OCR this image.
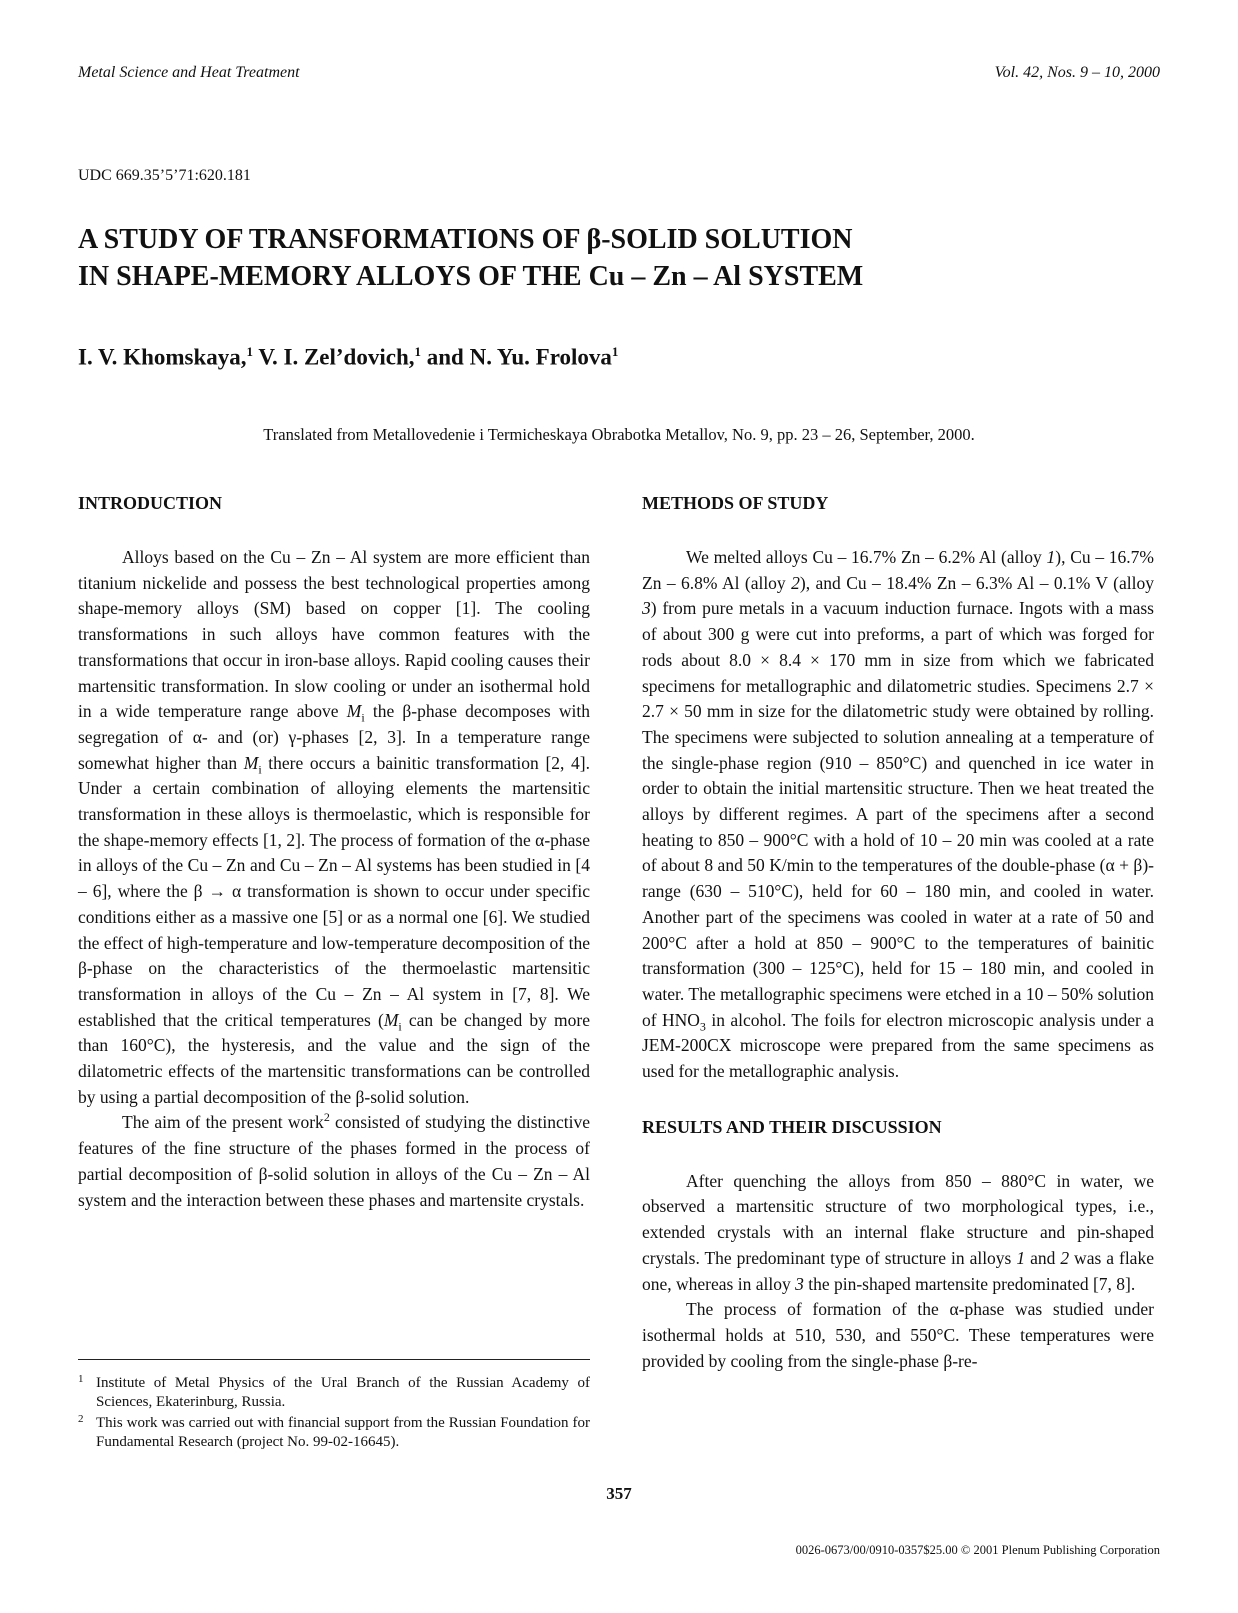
Metal Science and Heat Treatment	Vol. 42, Nos. 9 – 10, 2000
UDC 669.35’5’71:620.181
A STUDY OF TRANSFORMATIONS OF β-SOLID SOLUTION
IN SHAPE-MEMORY ALLOYS OF THE Cu – Zn – Al SYSTEM
I. V. Khomskaya,$^1$ V. I. Zel’dovich,$^1$ and N. Yu. Frolova$^1$
Translated from Metallovedenie i Termicheskaya Obrabotka Metallov, No. 9, pp. 23 – 26, September, 2000.
INTRODUCTION

Alloys based on the Cu – Zn – Al system are more efficient than titanium nickelide and possess the best technological properties among shape-memory alloys (SM) based on copper [1]. The cooling transformations in such alloys have common features with the transformations that occur in iron-base alloys. Rapid cooling causes their martensitic transformation. In slow cooling or under an isothermal hold in a wide temperature range above $M_i$ the β-phase decomposes with segregation of α- and (or) γ-phases [2, 3]. In a temperature range somewhat higher than $M_i$ there occurs a bainitic transformation [2, 4]. Under a certain combination of alloying elements the martensitic transformation in these alloys is thermoelastic, which is responsible for the shape-memory effects [1, 2]. The process of formation of the α-phase in alloys of the Cu – Zn and Cu – Zn – Al systems has been studied in [4 – 6], where the β → α transformation is shown to occur under specific conditions either as a massive one [5] or as a normal one [6]. We studied the effect of high-temperature and low-temperature decomposition of the β-phase on the characteristics of the thermoelastic martensitic transformation in alloys of the Cu – Zn – Al system in [7, 8]. We established that the critical temperatures ($M_i$ can be changed by more than 160°C), the hysteresis, and the value and the sign of the dilatometric effects of the martensitic transformations can be controlled by using a partial decomposition of the β-solid solution.

The aim of the present work$^2$ consisted of studying the distinctive features of the fine structure of the phases formed in the process of partial decomposition of β-solid solution in alloys of the Cu – Zn – Al system and the interaction between these phases and martensite crystals.

METHODS OF STUDY

We melted alloys Cu – 16.7% Zn – 6.2% Al (alloy 1), Cu – 16.7% Zn – 6.8% Al (alloy 2), and Cu – 18.4% Zn – 6.3% Al – 0.1% V (alloy 3) from pure metals in a vacuum induction furnace. Ingots with a mass of about 300 g were cut into preforms, a part of which was forged for rods about 8.0 × 8.4 × 170 mm in size from which we fabricated specimens for metallographic and dilatometric studies. Specimens 2.7 × 2.7 × 50 mm in size for the dilatometric study were obtained by rolling. The specimens were subjected to solution annealing at a temperature of the single-phase region (910 – 850°C) and quenched in ice water in order to obtain the initial martensitic structure. Then we heat treated the alloys by different regimes. A part of the specimens after a second heating to 850 – 900°C with a hold of 10 – 20 min was cooled at a rate of about 8 and 50 K/min to the temperatures of the double-phase (α + β)-range (630 – 510°C), held for 60 – 180 min, and cooled in water. Another part of the specimens was cooled in water at a rate of 50 and 200°C after a hold at 850 – 900°C to the temperatures of bainitic transformation (300 – 125°C), held for 15 – 180 min, and cooled in water. The metallographic specimens were etched in a 10 – 50% solution of $HNO_3$ in alcohol. The foils for electron microscopic analysis under a JEM-200CX microscope were prepared from the same specimens as used for the metallographic analysis.

RESULTS AND THEIR DISCUSSION

After quenching the alloys from 850 – 880°C in water, we observed a martensitic structure of two morphological types, i.e., extended crystals with an internal flake structure and pin-shaped crystals. The predominant type of structure in alloys 1 and 2 was a flake one, whereas in alloy 3 the pin-shaped martensite predominated [7, 8].

The process of formation of the α-phase was studied under isothermal holds at 510, 530, and 550°C. These temperatures were provided by cooling from the single-phase β-re-

1 Institute of Metal Physics of the Ural Branch of the Russian Academy of Sciences, Ekaterinburg, Russia.
2 This work was carried out with financial support from the Russian Foundation for Fundamental Research (project No. 99-02-16645).
357
0026-0673/00/0910-0357$25.00 © 2001 Plenum Publishing Corporation
